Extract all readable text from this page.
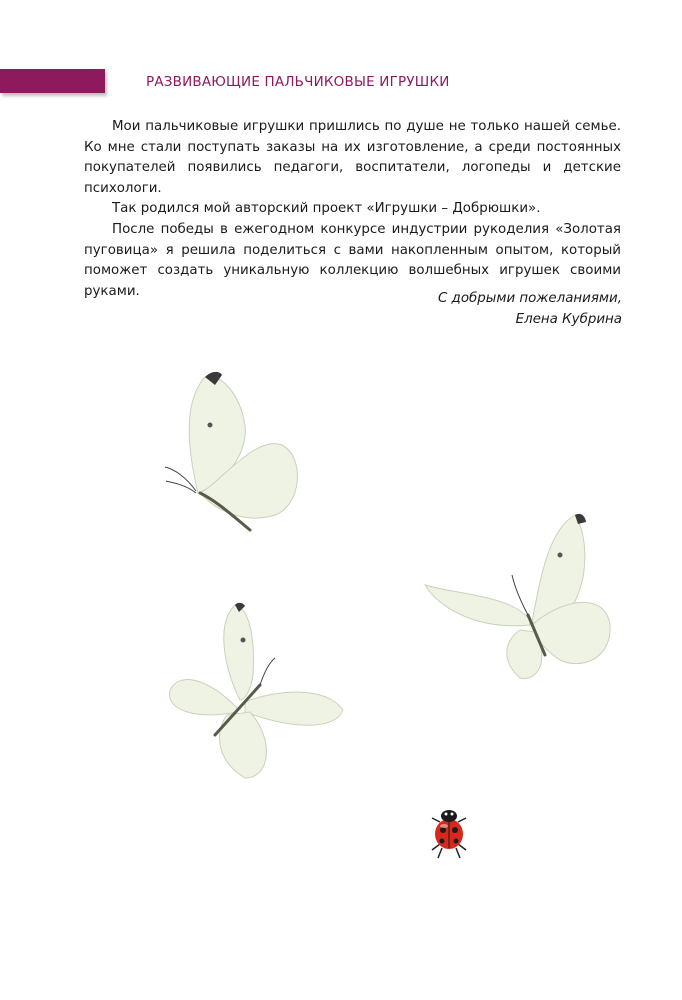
РАЗВИВАЮЩИЕ ПАЛЬЧИКОВЫЕ ИГРУШКИ

Мои пальчиковые игрушки пришлись по душе не только нашей семье. Ко мне стали поступать заказы на их изготовление, а среди постоянных покупателей появились педагоги, воспитатели, логопеды и детские психологи.

Так родился мой авторский проект «Игрушки – Добрюшки».

После победы в ежегодном конкурсе индустрии рукоделия «Золотая пуговица» я решила поделиться с вами накопленным опытом, который поможет создать уникальную коллекцию волшебных игрушек своими руками.	С добрыми пожеланиями,
Елена Кубрина
